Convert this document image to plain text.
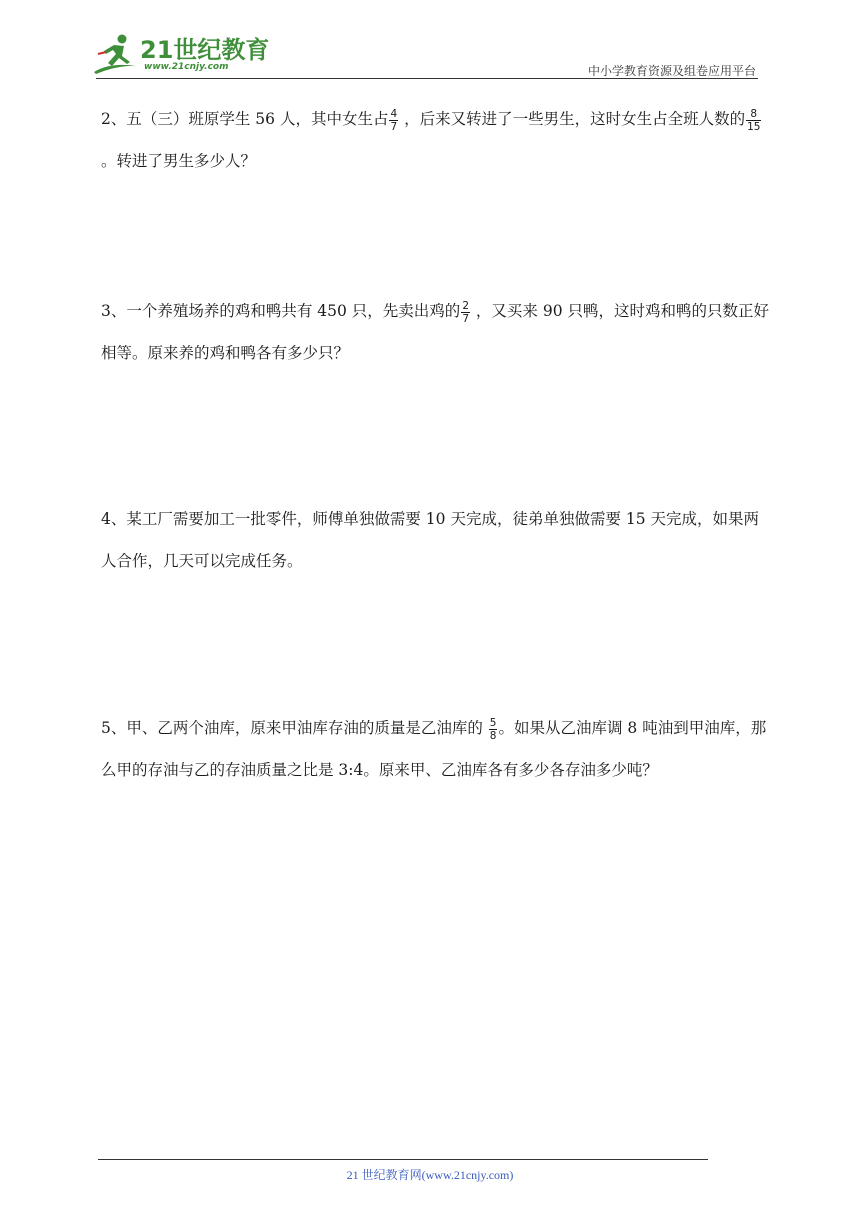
21世纪教育
www.21cnjy.com	中小学教育资源及组卷应用平台
2、五（三）班原学生 56 人，其中女生占 $\frac{4}{7}$ ，后来又转进了一些男生，这时女生占全班人数的 $\frac{8}{15}$
。转进了男生多少人？
3、一个养殖场养的鸡和鸭共有 450 只，先卖出鸡的 $\frac{2}{7}$ ，又买来 90 只鸭，这时鸡和鸭的只数正好相等。原来养的鸡和鸭各有多少只？
4、某工厂需要加工一批零件，师傅单独做需要 10 天完成，徒弟单独做需要 15 天完成，如果两人合作，几天可以完成任务。
5、甲、乙两个油库，原来甲油库存油的质量是乙油库的 $\frac{5}{8}$ 。如果从乙油库调 8 吨油到甲油库，那么甲的存油与乙的存油质量之比是 3:4。原来甲、乙油库各有多少各存油多少吨？
21 世纪教育网(www.21cnjy.com)
